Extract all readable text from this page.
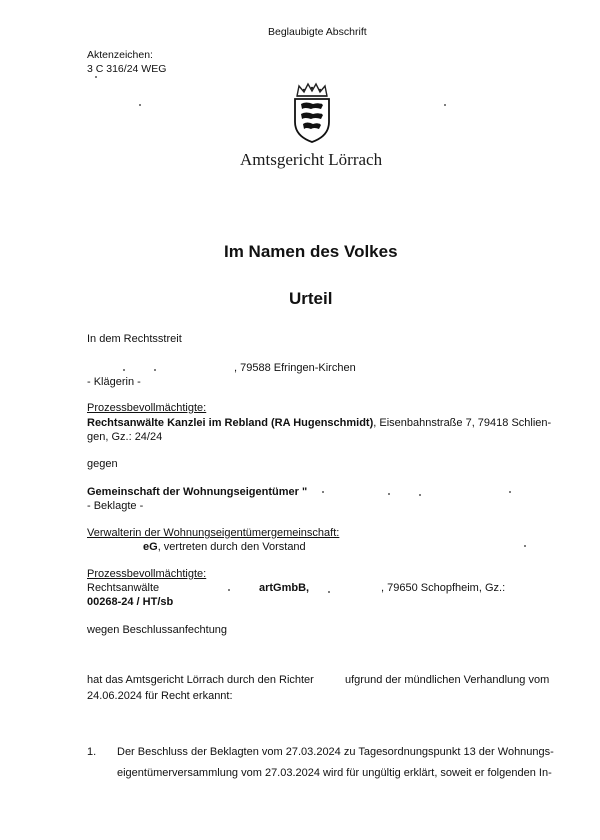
Beglaubigte Abschrift
Aktenzeichen:
3 C 316/24 WEG
Amtsgericht Lörrach
Im Namen des Volkes
Urteil
In dem Rechtsstreit
, 79588 Efringen-Kirchen
- Klägerin -
Prozessbevollmächtigte:
Rechtsanwälte Kanzlei im Rebland (RA Hugenschmidt), Eisenbahnstraße 7, 79418 Schlien-
gen, Gz.: 24/24
gegen
Gemeinschaft der Wohnungseigentümer "
- Beklagte -
Verwalterin der Wohnungseigentümergemeinschaft:
eG, vertreten durch den Vorstand
Prozessbevollmächtigte:
Rechtsanwälte	artGmbB,	, 79650 Schopfheim, Gz.:
00268-24 / HT/sb
wegen Beschlussanfechtung
hat das Amtsgericht Lörrach durch den Richter	ufgrund der mündlichen Verhandlung vom
24.06.2024 für Recht erkannt:
1. Der Beschluss der Beklagten vom 27.03.2024 zu Tagesordnungspunkt 13 der Wohnungs-
eigentümerversammlung vom 27.03.2024 wird für ungültig erklärt, soweit er folgenden In-
